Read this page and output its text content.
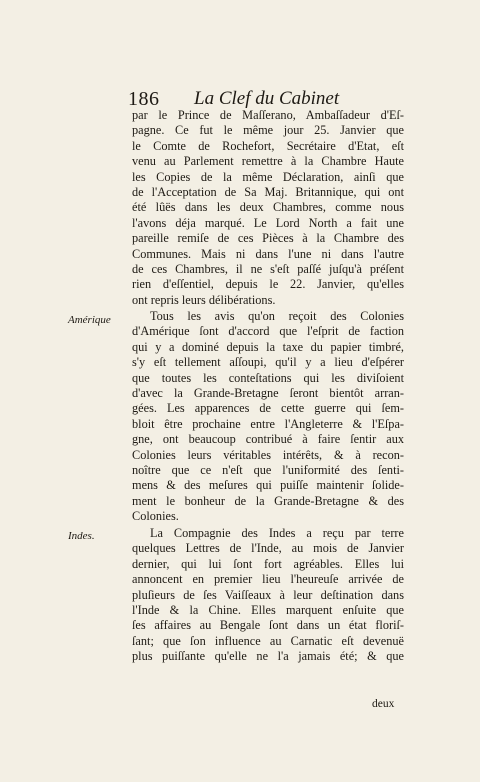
186 La Clef du Cabinet
par le Prince de Maſſerano, Ambaſſadeur d'Eſ-
pagne. Ce fut le même jour 25. Janvier que
le Comte de Rochefort, Secrétaire d'Etat, eſt
venu au Parlement remettre à la Chambre Haute
les Copies de la même Déclaration, ainſi que
de l'Acceptation de Sa Maj. Britannique, qui ont
été lûës dans les deux Chambres, comme nous
l'avons déja marqué. Le Lord North a fait une
pareille remiſe de ces Pièces à la Chambre des
Communes. Mais ni dans l'une ni dans l'autre
de ces Chambres, il ne s'eſt paſſé juſqu'à préſent
rien d'eſſentiel, depuis le 22. Janvier, qu'elles
ont repris leurs délibérations.
Amérique	Tous les avis qu'on reçoit des Colonies
d'Amérique ſont d'accord que l'eſprit de faction
qui y a dominé depuis la taxe du papier timbré,
s'y eſt tellement aſſoupi, qu'il y a lieu d'eſpérer
que toutes les conteſtations qui les diviſoient
d'avec la Grande-Bretagne ſeront bientôt arran-
gées. Les apparences de cette guerre qui ſem-
bloit être prochaine entre l'Angleterre & l'Eſpa-
gne, ont beaucoup contribué à faire ſentir aux
Colonies leurs véritables intérêts, & à recon-
noître que ce n'eſt que l'uniformité des ſenti-
mens & des meſures qui puiſſe maintenir ſolide-
ment le bonheur de la Grande-Bretagne & des
Colonies.
Indes.	La Compagnie des Indes a reçu par terre
quelques Lettres de l'Inde, au mois de Janvier
dernier, qui lui ſont fort agréables. Elles lui
annoncent en premier lieu l'heureuſe arrivée de
pluſieurs de ſes Vaiſſeaux à leur deſtination dans
l'Inde & la Chine. Elles marquent enſuite que
ſes affaires au Bengale ſont dans un état floriſ-
ſant; que ſon influence au Carnatic eſt devenuë
plus puiſſante qu'elle ne l'a jamais été; & que
deux
